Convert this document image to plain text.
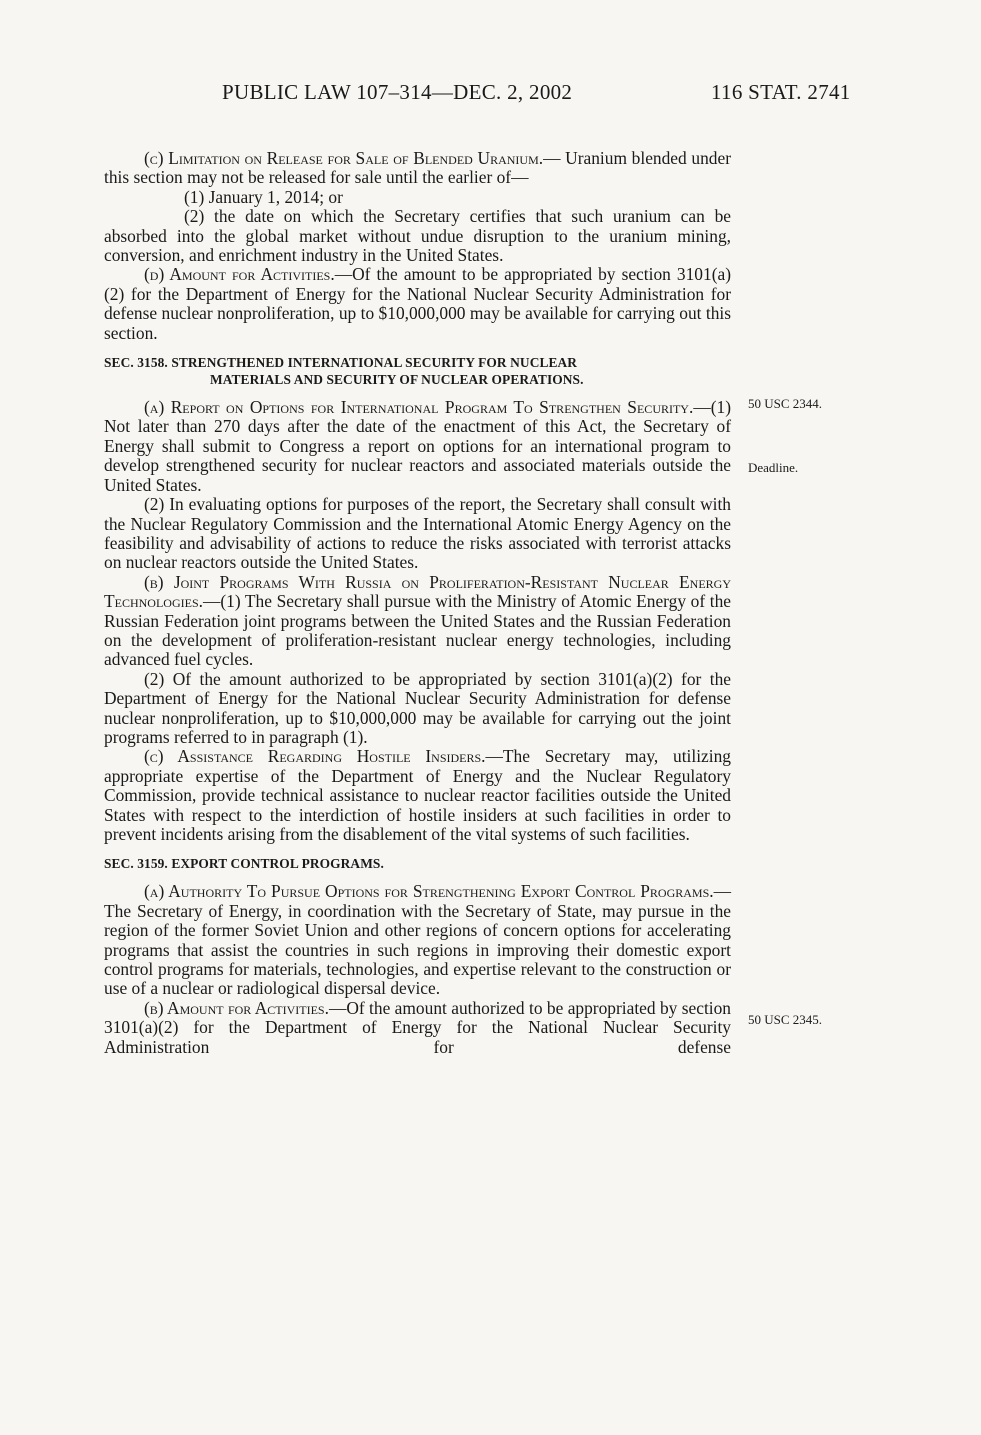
PUBLIC LAW 107–314—DEC. 2, 2002	116 STAT. 2741
50 USC 2344.
Deadline.
50 USC 2345.

(c) Limitation on Release for Sale of Blended Uranium.— Uranium blended under this section may not be released for sale until the earlier of—

(1) January 1, 2014; or

(2) the date on which the Secretary certifies that such uranium can be absorbed into the global market without undue disruption to the uranium mining, conversion, and enrichment industry in the United States.

(d) Amount for Activities.—Of the amount to be appropriated by section 3101(a)(2) for the Department of Energy for the National Nuclear Security Administration for defense nuclear nonproliferation, up to $10,000,000 may be available for carrying out this section.

SEC. 3158. STRENGTHENED INTERNATIONAL SECURITY FOR NUCLEAR
MATERIALS AND SECURITY OF NUCLEAR OPERATIONS.

(a) Report on Options for International Program To Strengthen Security.—(1) Not later than 270 days after the date of the enactment of this Act, the Secretary of Energy shall submit to Congress a report on options for an international program to develop strengthened security for nuclear reactors and associated materials outside the United States.

(2) In evaluating options for purposes of the report, the Secretary shall consult with the Nuclear Regulatory Commission and the International Atomic Energy Agency on the feasibility and advisability of actions to reduce the risks associated with terrorist attacks on nuclear reactors outside the United States.

(b) Joint Programs With Russia on Proliferation-Resistant Nuclear Energy Technologies.—(1) The Secretary shall pursue with the Ministry of Atomic Energy of the Russian Federation joint programs between the United States and the Russian Federation on the development of proliferation-resistant nuclear energy technologies, including advanced fuel cycles.

(2) Of the amount authorized to be appropriated by section 3101(a)(2) for the Department of Energy for the National Nuclear Security Administration for defense nuclear nonproliferation, up to $10,000,000 may be available for carrying out the joint programs referred to in paragraph (1).

(c) Assistance Regarding Hostile Insiders.—The Secretary may, utilizing appropriate expertise of the Department of Energy and the Nuclear Regulatory Commission, provide technical assistance to nuclear reactor facilities outside the United States with respect to the interdiction of hostile insiders at such facilities in order to prevent incidents arising from the disablement of the vital systems of such facilities.

SEC. 3159. EXPORT CONTROL PROGRAMS.

(a) Authority To Pursue Options for Strengthening Export Control Programs.—The Secretary of Energy, in coordination with the Secretary of State, may pursue in the region of the former Soviet Union and other regions of concern options for accelerating programs that assist the countries in such regions in improving their domestic export control programs for materials, technologies, and expertise relevant to the construction or use of a nuclear or radiological dispersal device.

(b) Amount for Activities.—Of the amount authorized to be appropriated by section 3101(a)(2) for the Department of Energy for the National Nuclear Security Administration for defense
